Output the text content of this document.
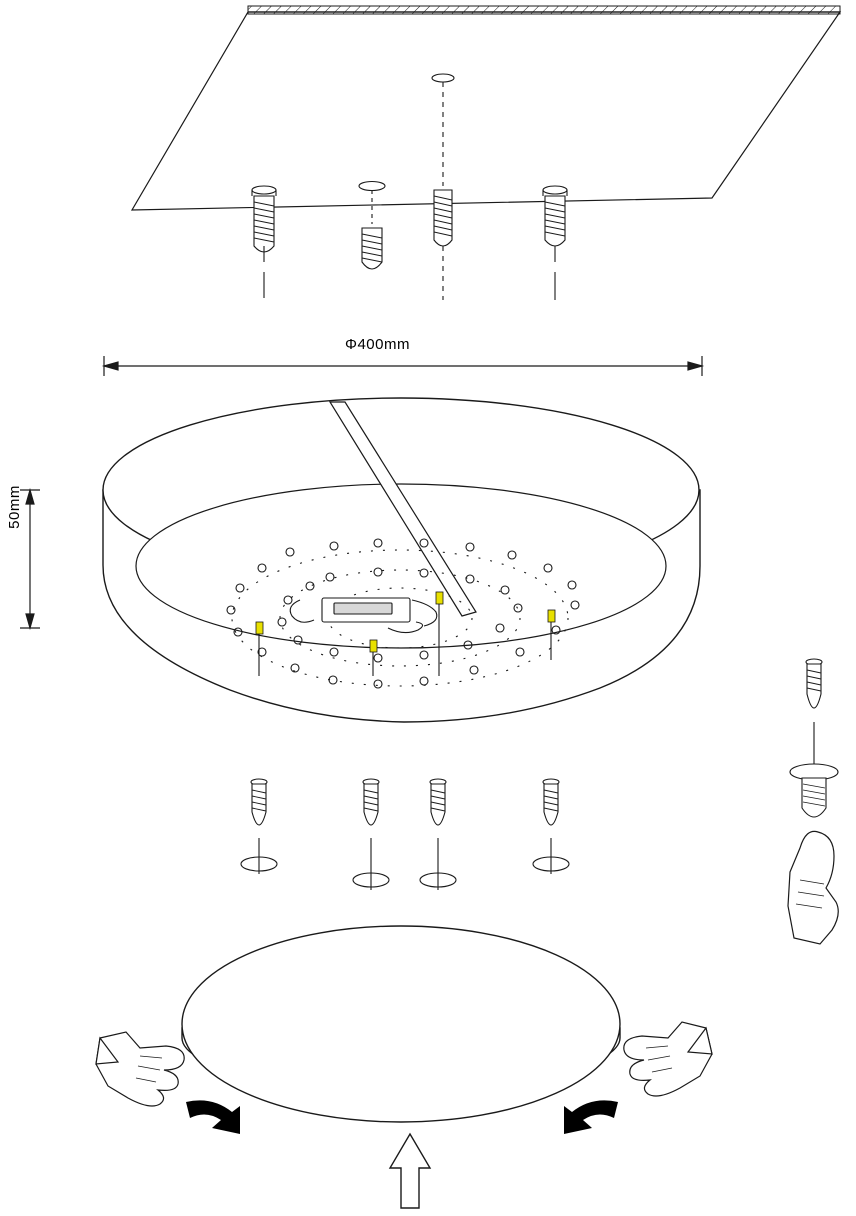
Φ400mm
50mm
